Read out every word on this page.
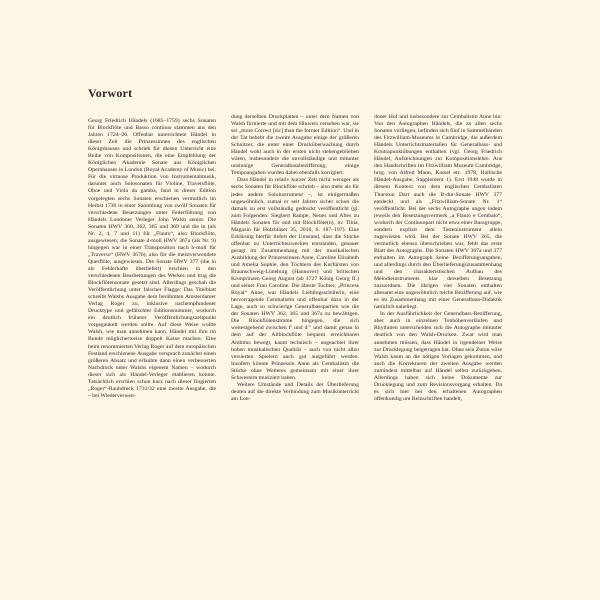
Vorwort

Georg Friedrich Händels (1685–1759) sechs Sonaten für Blockflöte und Basso continuo stammen aus den Jahren 1724–26. Offenbar unterrichtete Händel in dieser Zeit die Prinzessinnen des englischen Königshauses und schrieb für diesen Unterricht eine Reihe von Kompositionen, die eine Empfehlung der Königlichen Akademie Sonate aus Königlichen Opernhauses in London (Royal Academy of Music) bei. Für die virtuose Produktion von Instrumentalmusik, darunter auch Solosonaten für Violine, Traversflöte, Oboe und Viola da gamba, fand in dieser Edition vorgelegten sechs Sonaten erschienen vermutlich im Herbst 1730 in einer Sammlung von zwölf Sonaten für verschiedene Besetzungen unter Federführung von Händels Londoner Verleger John Walsh senior. Die Sonaten HWV 360, 362, 365 und 369 und die in (als Nr. 2, 4, 7 und 11) für „Flauto“, also Blockflöte, ausgewiesen; die Sonate d-moll HWV 367a (als Nr. 9) hingegen war in einer Transposition nach h-moll für „Traverso“ (HWV 367b), also für die meistverwendete Querflöte, ausgewiesen. Die Sonate HWV 377 (die in als Fehlerhafte überliefert) erschien in den verschiedenen Bearbeitungen des Werkes und trug die Blockflötensonate gesetzt sind. Allerdings geschah die Veröffentlichung unter falscher Flagge: Das Titelblatt schreibt Walshs Ausgabe dem berühmten Amsterdamer Verlag Roger zu, inklusive nachempfundener Drucktype und gefälschter Editionsnummer, wodurch ein deutlich früherer Veröffentlichungszeitpunkt vorgegaukelt werden sollte. Auf diese Weise wollte Walsh, wie man annehmen kann, Händel mit ihm im Bunde möglicherweise doppelt Kasse machen: Eine beim renommierten Verlag Roger auf dem europäischen Festland erschienene Ausgabe versprach zunächst einen größeren Absatz und erlaubte dann einen verbesserten Nachdruck unter Walshs eigenem Namen – wodurch dieser sich als Händel-Verleger etablieren konnte. Tatsächlich erschien schon kurz nach dieser fingierten „Roger“-Raubdruck 1731/32 eine zweite Ausgabe, die – bei Wiederverwen-

dung derselben Druckplatten – unter dem Namen von Walsh firmierte und mit dem Hinweis versehen war, sie sei „more Correct [sic] than the former Edition“. Und in der Tat behebt die zweite Ausgabe einige der größeren Schnitzer, die unter einer Drucküberwachung durch Händel wohl auch in der ersten nicht stehengeblieben wären, insbesondere die unvollständige und mitunter unsinnige Generalbassbezifferung; einige Tempoangaben wurden dabei ebenfalls korrigiert.

Dass Händel in relativ kurzer Zeit nicht weniger als sechs Sonaten für Blockflöte schrieb – also mehr als für jedes andere Soloinstrument –, ist einigermaßen ungewöhnlich, zumal er seit Jahren sicher schon die damals zu erst vollständig gedruckt veröffentlicht (gl. zum Folgenden: Siegbert Rampe, Neues und Altes zu Händels Sonaten für und mit Blockflöte(n), in: Tibia, Magazin für Holzbläser 35, 2010, S. 187–197). Eine Erklärung hierfür liefert der Umstand, dass die Stücke offenbar zu Unterrichtszwecken entstanden, genauer gesagt im Zusammenhang mit der musikalischen Ausbildung der Prinzessinnen Anne, Caroline Elisabeth und Amelia Sophie, den Töchtern des Kurfürsten von Braunschweig-Lüneburg (Hannover) und britischen Kronprinzen Georg August (ab 1727 König Georg II.) und seiner Frau Caroline. Die älteste Tochter, „Princess Royal“ Anne, war Händels Lieblingsschülerin, eine hervorragende Cembalistin und offenbar dazu in der Lage, auch so schwierige Generalbasspartien wie die der Sonaten HWV 362, 365 und 367a zu bewältigen. Die Blockflötenstimme hingegen, die sich weitestgehend zwischen f′ und d′′′ und damit genau in dem auf der Altblockflöte bequem erreichbaren Ambitus bewegt, kaum technisch – ungeachtet ihrer hohen musikalischen Qualität – auch von nicht allzu versierten Spielern auch gut ausgeführt werden. Insofern könnte Prinzessin Anne als Cembalistin die Stücke ohne Weiteres gemeinsam mit einer ihrer Schwestern musiziert haben.

Weitere Umstände und Details der Überlieferung deuten auf die direkte Verbindung zum Musikunterricht am Lon-

doner Hof und insbesondere zur Cembalistin Anne hin: Von den Autographen Händels, die zu allen sechs Sonaten vorliegen, befinden sich fünf in Sammelbänden des Fitzwilliam-Museums in Cambridge, die außerdem Händels Unterrichtsmaterialien für Generalbass- und Kontrapunktübungen enthalten (vgl. Georg Friedrich Händel, Aufzeichnungen zur Kompositionslehre. Aus den Handschriften im Fitzwilliam Museum Cambridge, hrsg. von Alfred Mann, Kassel etc. 1978, Hallische Händel-Ausgabe, Supplement 1). Erst 1948 wurde in diesem Kontext von dem englischen Cembalisten Thurston Dart auch die B-dur-Sonate HWV 377 entdeckt und als „Fitzwilliam-Sonate Nr. 1“ veröffentlicht. Bei der sechs Autographe ungen indem jeweils den Besetzungsvermerk „a Flauto e Cembalo“, wodurch der Continuopart nicht etwa einer Bassgruppe, sondern explizit dem Tasteninstrument allein zugewiesen wird. Bei der Sonate HWV 365, die vermutlich ebenso überschrieben war, fehlt das erste Blatt des Autographs. Die Sonaten HWV 367a und 377 enthalten im Autograph keine Bezifferungsangaben, und allerdings durch den Überlieferungszusammenhang und den charakteristischen Aufbau des Melodieinstruments klar derselben Besetzung zuzuordnen. Die übrigen vier Sonaten enthalten allesamt eine ungewöhnlich reiche Bezifferung auf, wie es im Zusammenhang mit einer Generalbass-Didaktik natürlich naheliegt.

In der Ausführlichkeit der Generalbass-Bezifferung, aber auch in einzelnen Tonhöhenverläufen und Rhythmen unterscheiden sich die Autographe mitunter deutlich von den Walsh-Drucken. Zwar wird man annehmen müssen, dass Händel in irgendeiner Weise zur Drucklegung beigetragen hat. Ohne sein Zutun wäre Walsh kaum an die nötigen Vorlagen gekommen, und auch die Korrekturen der zweiten Ausgabe werden zumindest mittelbar auf Händel selbst zurückgehen. Allerdings haben sich keine Dokumente zur Drucklegung und zum Revisionsvorgang erhalten. Da es sich hier bei den erhaltenen Autographen offenkundig um Reinschriften handelt,
